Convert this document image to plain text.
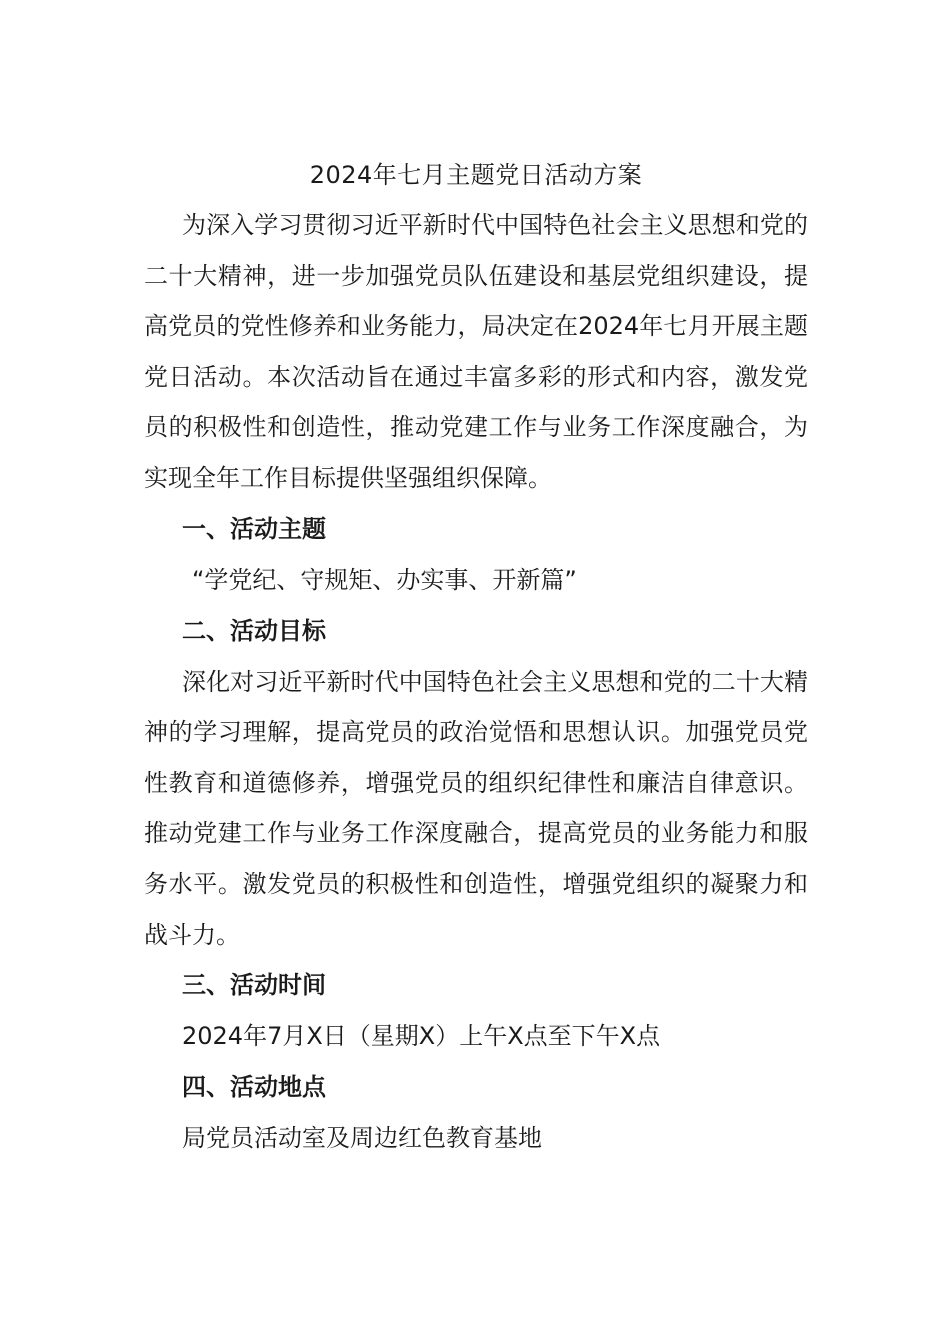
2024年七月主题党日活动方案

为深入学习贯彻习近平新时代中国特色社会主义思想和党的二十大精神，进一步加强党员队伍建设和基层党组织建设，提高党员的党性修养和业务能力，局决定在2024年七月开展主题党日活动。本次活动旨在通过丰富多彩的形式和内容，激发党员的积极性和创造性，推动党建工作与业务工作深度融合，为实现全年工作目标提供坚强组织保障。

一、活动主题

“学党纪、守规矩、办实事、开新篇”

二、活动目标

深化对习近平新时代中国特色社会主义思想和党的二十大精神的学习理解，提高党员的政治觉悟和思想认识。加强党员党性教育和道德修养，增强党员的组织纪律性和廉洁自律意识。推动党建工作与业务工作深度融合，提高党员的业务能力和服务水平。激发党员的积极性和创造性，增强党组织的凝聚力和战斗力。

三、活动时间

2024年7月X日（星期X）上午X点至下午X点

四、活动地点

局党员活动室及周边红色教育基地
